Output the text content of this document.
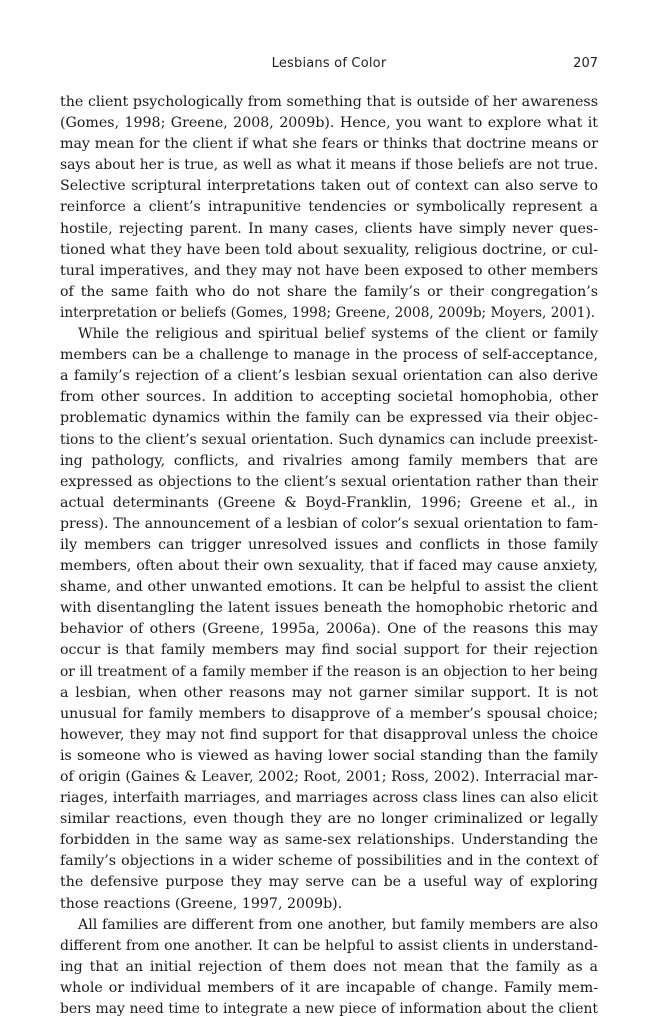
Lesbians of Color	207
the client psychologically from something that is outside of her awareness
(Gomes, 1998; Greene, 2008, 2009b). Hence, you want to explore what it
may mean for the client if what she fears or thinks that doctrine means or
says about her is true, as well as what it means if those beliefs are not true.
Selective scriptural interpretations taken out of context can also serve to
reinforce a client’s intrapunitive tendencies or symbolically represent a
hostile, rejecting parent. In many cases, clients have simply never ques-
tioned what they have been told about sexuality, religious doctrine, or cul-
tural imperatives, and they may not have been exposed to other members
of the same faith who do not share the family’s or their congregation’s
interpretation or beliefs (Gomes, 1998; Greene, 2008, 2009b; Moyers, 2001).
While the religious and spiritual belief systems of the client or family
members can be a challenge to manage in the process of self-acceptance,
a family’s rejection of a client’s lesbian sexual orientation can also derive
from other sources. In addition to accepting societal homophobia, other
problematic dynamics within the family can be expressed via their objec-
tions to the client’s sexual orientation. Such dynamics can include preexist-
ing pathology, conflicts, and rivalries among family members that are
expressed as objections to the client’s sexual orientation rather than their
actual determinants (Greene & Boyd-Franklin, 1996; Greene et al., in
press). The announcement of a lesbian of color’s sexual orientation to fam-
ily members can trigger unresolved issues and conflicts in those family
members, often about their own sexuality, that if faced may cause anxiety,
shame, and other unwanted emotions. It can be helpful to assist the client
with disentangling the latent issues beneath the homophobic rhetoric and
behavior of others (Greene, 1995a, 2006a). One of the reasons this may
occur is that family members may find social support for their rejection
or ill treatment of a family member if the reason is an objection to her being
a lesbian, when other reasons may not garner similar support. It is not
unusual for family members to disapprove of a member’s spousal choice;
however, they may not find support for that disapproval unless the choice
is someone who is viewed as having lower social standing than the family
of origin (Gaines & Leaver, 2002; Root, 2001; Ross, 2002). Interracial mar-
riages, interfaith marriages, and marriages across class lines can also elicit
similar reactions, even though they are no longer criminalized or legally
forbidden in the same way as same-sex relationships. Understanding the
family’s objections in a wider scheme of possibilities and in the context of
the defensive purpose they may serve can be a useful way of exploring
those reactions (Greene, 1997, 2009b).
All families are different from one another, but family members are also
different from one another. It can be helpful to assist clients in understand-
ing that an initial rejection of them does not mean that the family as a
whole or individual members of it are incapable of change. Family mem-
bers may need time to integrate a new piece of information about the client
